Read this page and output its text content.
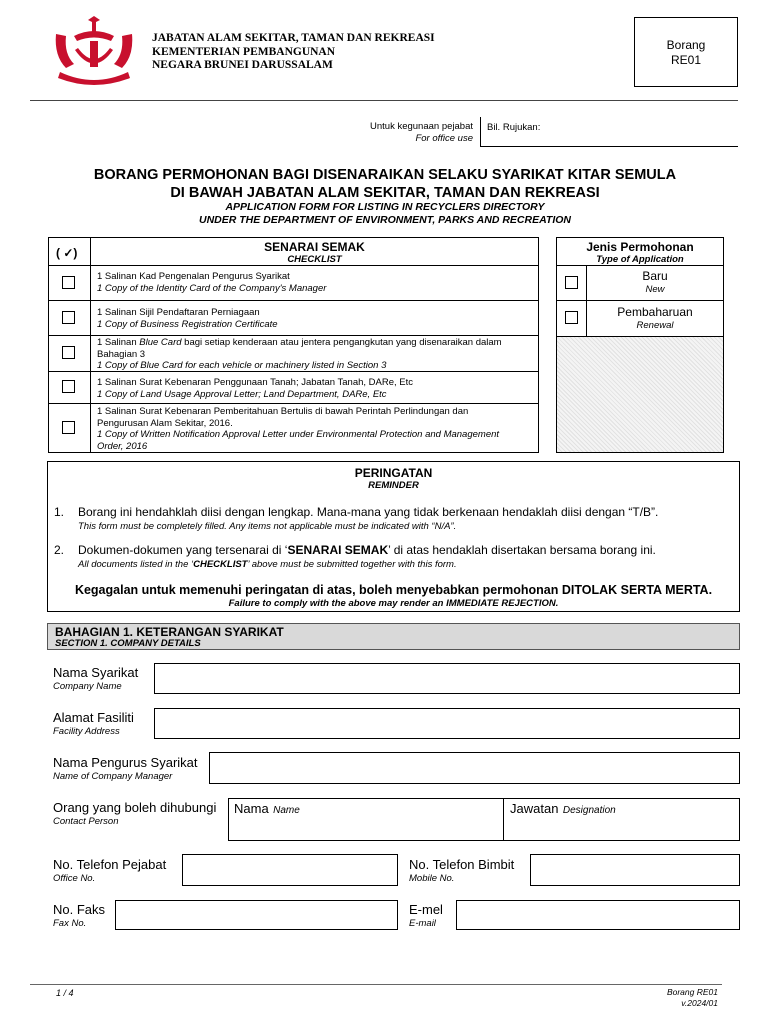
JABATAN ALAM SEKITAR, TAMAN DAN REKREASI
KEMENTERIAN PEMBANGUNAN
NEGARA BRUNEI DARUSSALAM
Borang
RE01
Untuk kegunaan pejabat
For office use
Bil. Rujukan:
BORANG PERMOHONAN BAGI DISENARAIKAN SELAKU SYARIKAT KITAR SEMULA
DI BAWAH JABATAN ALAM SEKITAR, TAMAN DAN REKREASI
APPLICATION FORM FOR LISTING IN RECYCLERS DIRECTORY
UNDER THE DEPARTMENT OF ENVIRONMENT, PARKS AND RECREATION
( ✓)	SENARAI SEMAK
CHECKLIST
1 Salinan Kad Pengenalan Pengurus Syarikat
1 Copy of the Identity Card of the Company's Manager
1 Salinan Sijil Pendaftaran Perniagaan
1 Copy of Business Registration Certificate
1 Salinan Blue Card bagi setiap kenderaan atau jentera pengangkutan yang disenaraikan dalam Bahagian 3
1 Copy of Blue Card for each vehicle or machinery listed in Section 3
1 Salinan Surat Kebenaran Penggunaan Tanah; Jabatan Tanah, DARe, Etc
1 Copy of Land Usage Approval Letter; Land Department, DARe, Etc
1 Salinan Surat Kebenaran Pemberitahuan Bertulis di bawah Perintah Perlindungan dan Pengurusan Alam Sekitar, 2016.
1 Copy of Written Notification Approval Letter under Environmental Protection and Management Order, 2016
Jenis Permohonan
Type of Application
Baru
New
Pembaharuan
Renewal
PERINGATAN
REMINDER
1. Borang ini hendahklah diisi dengan lengkap. Mana-mana yang tidak berkenaan hendaklah diisi dengan “T/B”.
This form must be completely filled. Any items not applicable must be indicated with “N/A”.
2. Dokumen-dokumen yang tersenarai di ‘SENARAI SEMAK’ di atas hendaklah disertakan bersama borang ini.
All documents listed in the ‘CHECKLIST’ above must be submitted together with this form.
Kegagalan untuk memenuhi peringatan di atas, boleh menyebabkan permohonan DITOLAK SERTA MERTA.
Failure to comply with the above may render an IMMEDIATE REJECTION.
BAHAGIAN 1. KETERANGAN SYARIKAT
SECTION 1. COMPANY DETAILS
Nama Syarikat
Company Name
Alamat Fasiliti
Facility Address
Nama Pengurus Syarikat
Name of Company Manager
Orang yang boleh dihubungi
Contact Person
Nama Name	Jawatan Designation
No. Telefon Pejabat
Office No.
No. Telefon Bimbit
Mobile No.
No. Faks
Fax No.
E-mel
E-mail
1 / 4	Borang RE01
v.2024/01
